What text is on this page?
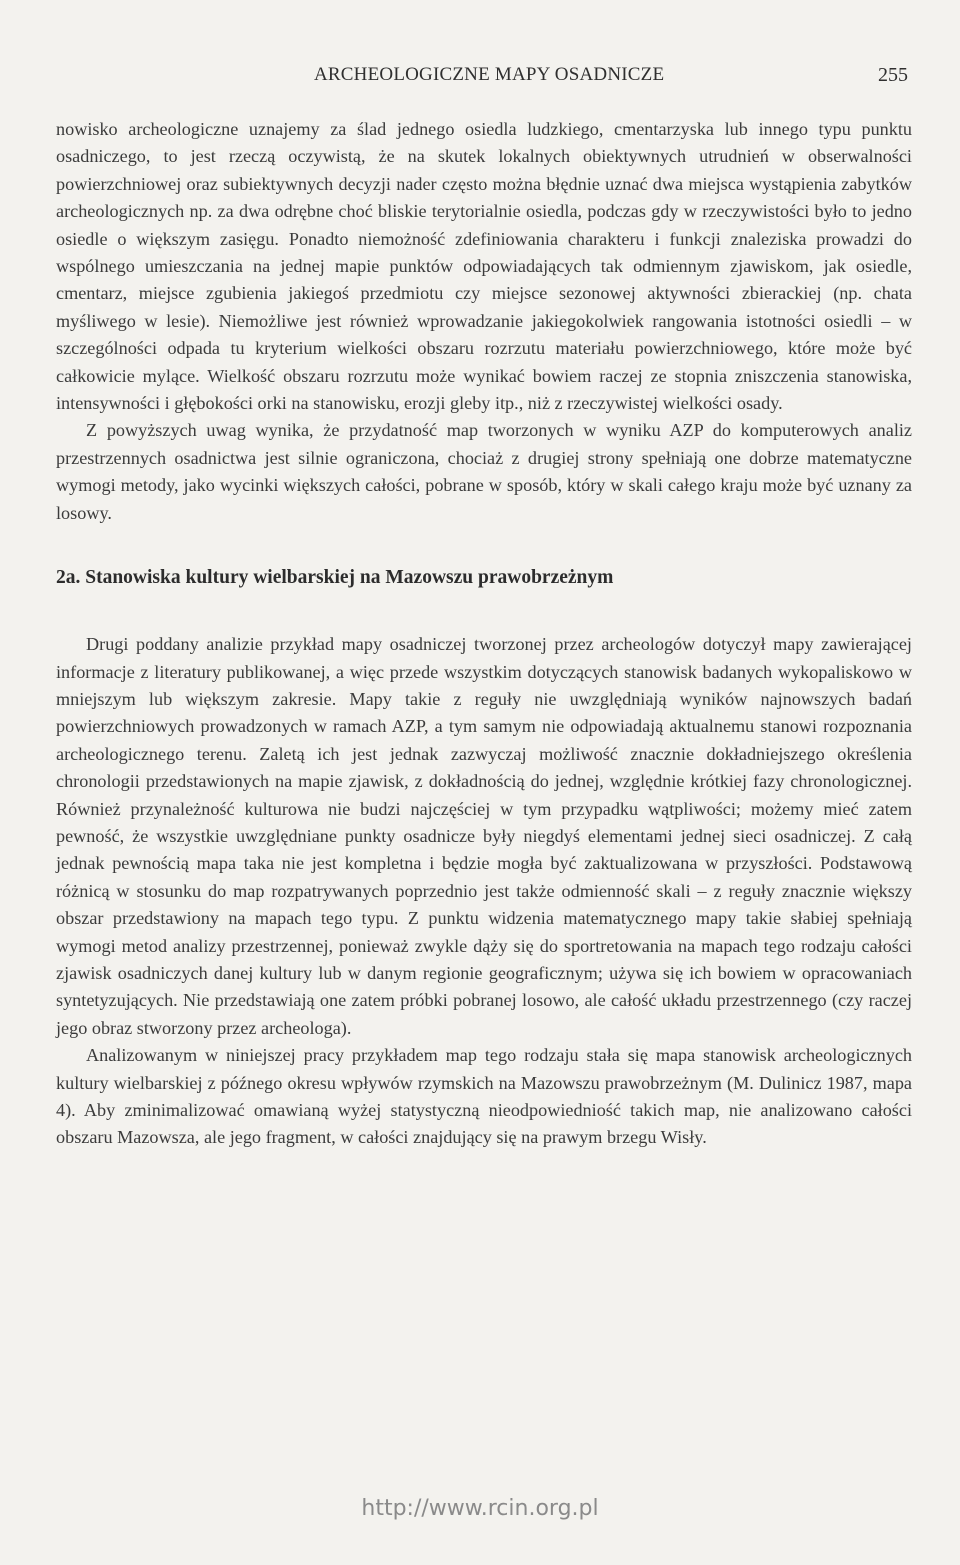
ARCHEOLOGICZNE MAPY OSADNICZE	255

nowisko archeologiczne uznajemy za ślad jednego osiedla ludzkiego, cmentarzyska lub innego typu punktu osadniczego, to jest rzeczą oczywistą, że na skutek lokalnych obiektywnych utrudnień w obserwalności powierzchniowej oraz subiektywnych decyzji nader często można błędnie uznać dwa miejsca wystąpienia zabytków archeologicznych np. za dwa odrębne choć bliskie terytorialnie osiedla, podczas gdy w rzeczywistości było to jedno osiedle o większym zasięgu. Ponadto niemożność zdefiniowania charakteru i funkcji znaleziska prowadzi do wspólnego umieszczania na jednej mapie punktów odpowiadających tak odmiennym zjawiskom, jak osiedle, cmentarz, miejsce zgubienia jakiegoś przedmiotu czy miejsce sezonowej aktywności zbierackiej (np. chata myśliwego w lesie). Niemożliwe jest również wprowadzanie jakiegokolwiek rangowania istotności osiedli – w szczególności odpada tu kryterium wielkości obszaru rozrzutu materiału powierzchniowego, które może być całkowicie mylące. Wielkość obszaru rozrzutu może wynikać bowiem raczej ze stopnia zniszczenia stanowiska, intensywności i głębokości orki na stanowisku, erozji gleby itp., niż z rzeczywistej wielkości osady.

Z powyższych uwag wynika, że przydatność map tworzonych w wyniku AZP do komputerowych analiz przestrzennych osadnictwa jest silnie ograniczona, chociaż z drugiej strony spełniają one dobrze matematyczne wymogi metody, jako wycinki większych całości, pobrane w sposób, który w skali całego kraju może być uznany za losowy.

2a. Stanowiska kultury wielbarskiej na Mazowszu prawobrzeżnym

Drugi poddany analizie przykład mapy osadniczej tworzonej przez archeologów dotyczył mapy zawierającej informacje z literatury publikowanej, a więc przede wszystkim dotyczących stanowisk badanych wykopaliskowo w mniejszym lub większym zakresie. Mapy takie z reguły nie uwzględniają wyników najnowszych badań powierzchniowych prowadzonych w ramach AZP, a tym samym nie odpowiadają aktualnemu stanowi rozpoznania archeologicznego terenu. Zaletą ich jest jednak zazwyczaj możliwość znacznie dokładniejszego określenia chronologii przedstawionych na mapie zjawisk, z dokładnością do jednej, względnie krótkiej fazy chronologicznej. Również przynależność kulturowa nie budzi najczęściej w tym przypadku wątpliwości; możemy mieć zatem pewność, że wszystkie uwzględniane punkty osadnicze były niegdyś elementami jednej sieci osadniczej. Z całą jednak pewnością mapa taka nie jest kompletna i będzie mogła być zaktualizowana w przyszłości. Podstawową różnicą w stosunku do map rozpatrywanych poprzednio jest także odmienność skali – z reguły znacznie większy obszar przedstawiony na mapach tego typu. Z punktu widzenia matematycznego mapy takie słabiej spełniają wymogi metod analizy przestrzennej, ponieważ zwykle dąży się do sportretowania na mapach tego rodzaju całości zjawisk osadniczych danej kultury lub w danym regionie geograficznym; używa się ich bowiem w opracowaniach syntetyzujących. Nie przedstawiają one zatem próbki pobranej losowo, ale całość układu przestrzennego (czy raczej jego obraz stworzony przez archeologa).

Analizowanym w niniejszej pracy przykładem map tego rodzaju stała się mapa stanowisk archeologicznych kultury wielbarskiej z późnego okresu wpływów rzymskich na Mazowszu prawobrzeżnym (M. Dulinicz 1987, mapa 4). Aby zminimalizować omawianą wyżej statystyczną nieodpowiedniość takich map, nie analizowano całości obszaru Mazowsza, ale jego fragment, w całości znajdujący się na prawym brzegu Wisły.

http://www.rcin.org.pl
